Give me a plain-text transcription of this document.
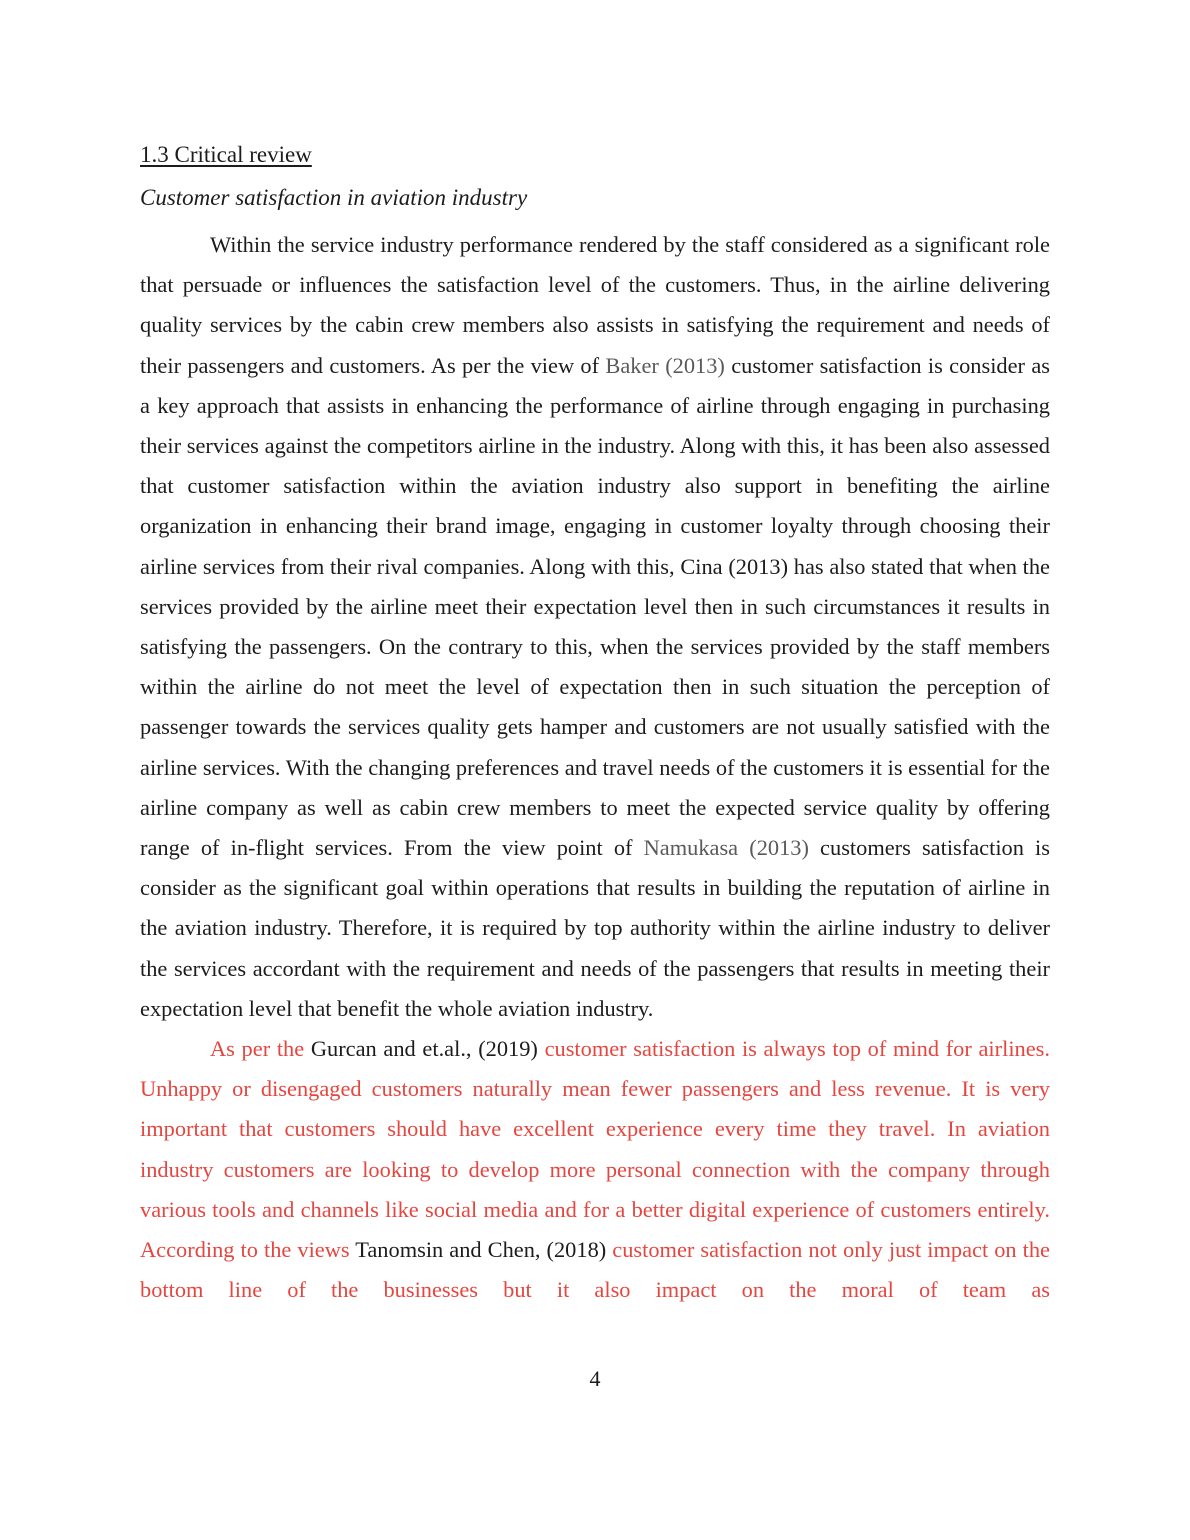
1.3 Critical review
Customer satisfaction in aviation industry

Within the service industry performance rendered by the staff considered as a significant role that persuade or influences the satisfaction level of the customers. Thus, in the airline delivering quality services by the cabin crew members also assists in satisfying the requirement and needs of their passengers and customers. As per the view of Baker (2013) customer satisfaction is consider as a key approach that assists in enhancing the performance of airline through engaging in purchasing their services against the competitors airline in the industry. Along with this, it has been also assessed that customer satisfaction within the aviation industry also support in benefiting the airline organization in enhancing their brand image, engaging in customer loyalty through choosing their airline services from their rival companies. Along with this, Cina (2013) has also stated that when the services provided by the airline meet their expectation level then in such circumstances it results in satisfying the passengers. On the contrary to this, when the services provided by the staff members within the airline do not meet the level of expectation then in such situation the perception of passenger towards the services quality gets hamper and customers are not usually satisfied with the airline services. With the changing preferences and travel needs of the customers it is essential for the airline company as well as cabin crew members to meet the expected service quality by offering range of in-flight services. From the view point of Namukasa (2013) customers satisfaction is consider as the significant goal within operations that results in building the reputation of airline in the aviation industry. Therefore, it is required by top authority within the airline industry to deliver the services accordant with the requirement and needs of the passengers that results in meeting their expectation level that benefit the whole aviation industry.

As per the Gurcan and et.al., (2019) customer satisfaction is always top of mind for airlines. Unhappy or disengaged customers naturally mean fewer passengers and less revenue. It is very important that customers should have excellent experience every time they travel. In aviation industry customers are looking to develop more personal connection with the company through various tools and channels like social media and for a better digital experience of customers entirely. According to the views Tanomsin and Chen, (2018) customer satisfaction not only just impact on the bottom line of the businesses but it also impact on the moral of team as

4
